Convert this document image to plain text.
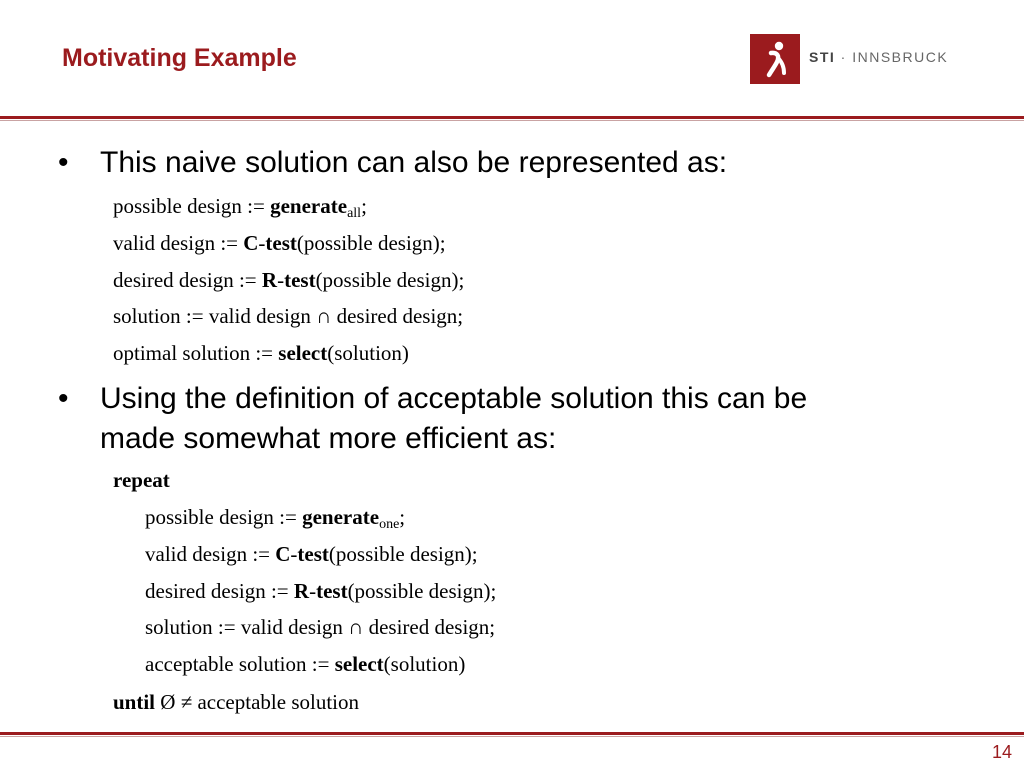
Motivating Example	STI · INNSBRUCK

• This naive solution can also be represented as:

possible design := generate$_{all}$;
valid design := C-test(possible design);
desired design := R-test(possible design);
solution := valid design ∩ desired design;
optimal solution := select(solution)

• Using the definition of acceptable solution this can be
made somewhat more efficient as:

repeat
possible design := generate$_{one}$;
valid design := C-test(possible design);
desired design := R-test(possible design);
solution := valid design ∩ desired design;
acceptable solution := select(solution)
until Ø ≠ acceptable solution
14
